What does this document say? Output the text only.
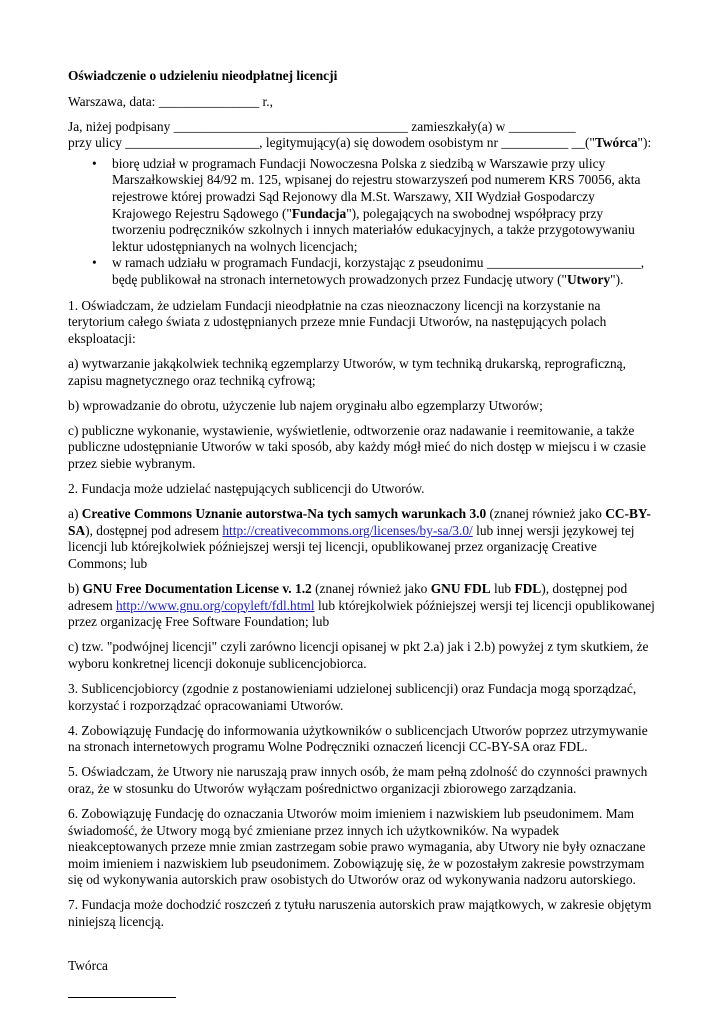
Oświadczenie o udzieleniu nieodpłatnej licencji

Warszawa, data: _______________ r.,

Ja, niżej podpisany ___________________________________ zamieszkały(a) w __________
przy ulicy ____________________, legitymujący(a) się dowodem osobistym nr __________ __("Twórca"):

• biorę udział w programach Fundacji Nowoczesna Polska z siedzibą w Warszawie przy ulicy Marszałkowskiej 84/92 m. 125, wpisanej do rejestru stowarzyszeń pod numerem KRS 70056, akta rejestrowe której prowadzi Sąd Rejonowy dla M.St. Warszawy, XII Wydział Gospodarczy Krajowego Rejestru Sądowego ("Fundacja"), polegających na swobodnej współpracy przy tworzeniu podręczników szkolnych i innych materiałów edukacyjnych, a także przygotowywaniu lektur udostępnianych na wolnych licencjach;
• w ramach udziału w programach Fundacji, korzystając z pseudonimu _______________________, będę publikował na stronach internetowych prowadzonych przez Fundację utwory ("Utwory").

1. Oświadczam, że udzielam Fundacji nieodpłatnie na czas nieoznaczony licencji na korzystanie na terytorium całego świata z udostępnianych przeze mnie Fundacji Utworów, na następujących polach eksploatacji:

a) wytwarzanie jakąkolwiek techniką egzemplarzy Utworów, w tym techniką drukarską, reprograficzną, zapisu magnetycznego oraz techniką cyfrową;

b) wprowadzanie do obrotu, użyczenie lub najem oryginału albo egzemplarzy Utworów;

c) publiczne wykonanie, wystawienie, wyświetlenie, odtworzenie oraz nadawanie i reemitowanie, a także publiczne udostępnianie Utworów w taki sposób, aby każdy mógł mieć do nich dostęp w miejscu i w czasie przez siebie wybranym.

2. Fundacja może udzielać następujących sublicencji do Utworów.

a) Creative Commons Uznanie autorstwa-Na tych samych warunkach 3.0 (znanej również jako CC-BY-SA), dostępnej pod adresem http://creativecommons.org/licenses/by-sa/3.0/ lub innej wersji językowej tej licencji lub którejkolwiek późniejszej wersji tej licencji, opublikowanej przez organizację Creative Commons; lub

b) GNU Free Documentation License v. 1.2 (znanej również jako GNU FDL lub FDL), dostępnej pod adresem http://www.gnu.org/copyleft/fdl.html lub którejkolwiek późniejszej wersji tej licencji opublikowanej przez organizację Free Software Foundation; lub

c) tzw. "podwójnej licencji" czyli zarówno licencji opisanej w pkt 2.a) jak i 2.b) powyżej z tym skutkiem, że wyboru konkretnej licencji dokonuje sublicencjobiorca.

3. Sublicencjobiorcy (zgodnie z postanowieniami udzielonej sublicencji) oraz Fundacja mogą sporządzać, korzystać i rozporządzać opracowaniami Utworów.

4. Zobowiązuję Fundację do informowania użytkowników o sublicencjach Utworów poprzez utrzymywanie na stronach internetowych programu Wolne Podręczniki oznaczeń licencji CC-BY-SA oraz FDL.

5. Oświadczam, że Utwory nie naruszają praw innych osób, że mam pełną zdolność do czynności prawnych oraz, że w stosunku do Utworów wyłączam pośrednictwo organizacji zbiorowego zarządzania.

6. Zobowiązuję Fundację do oznaczania Utworów moim imieniem i nazwiskiem lub pseudonimem. Mam świadomość, że Utwory mogą być zmieniane przez innych ich użytkowników. Na wypadek nieakceptowanych przeze mnie zmian zastrzegam sobie prawo wymagania, aby Utwory nie były oznaczane moim imieniem i nazwiskiem lub pseudonimem. Zobowiązuję się, że w pozostałym zakresie powstrzymam się od wykonywania autorskich praw osobistych do Utworów oraz od wykonywania nadzoru autorskiego.

7. Fundacja może dochodzić roszczeń z tytułu naruszenia autorskich praw majątkowych, w zakresie objętym niniejszą licencją.

Twórca
